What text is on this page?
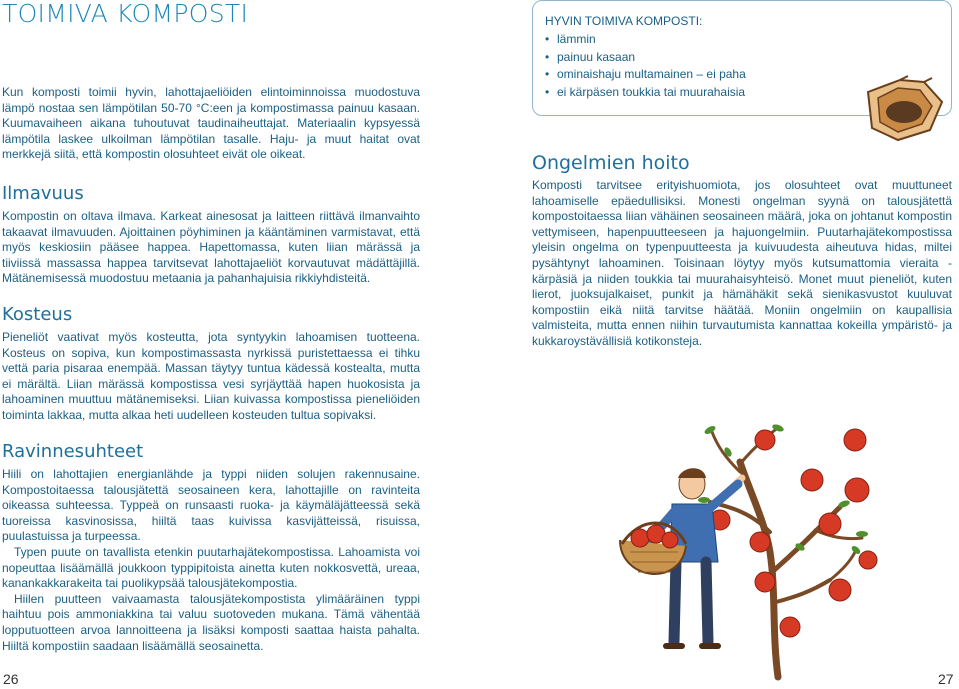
TOIMIVA KOMPOSTI

Kun komposti toimii hyvin, lahottajaeliöiden elintoiminnoissa muodostuva lämpö nostaa sen lämpötilan 50-70 °C:een ja kompostimassa painuu kasaan. Kuumavaiheen aikana tuhoutuvat taudinaiheuttajat. Materiaalin kypsyessä lämpötila laskee ulkoilman lämpötilan tasalle. Haju- ja muut haitat ovat merkkejä siitä, että kompostin olosuhteet eivät ole oikeat.

Ilmavuus

Kompostin on oltava ilmava. Karkeat ainesosat ja laitteen riittävä ilmanvaihto takaavat ilmavuuden. Ajoittainen pöyhiminen ja kääntäminen varmistavat, että myös keskiosiin pääsee happea. Hapettomassa, kuten liian märässä ja tiiviissä massassa happea tarvitsevat lahottajaeliöt korvautuvat mädättäjillä. Mätänemisessä muodostuu metaania ja pahanhajuisia rikkiyhdisteitä.

Kosteus

Pieneliöt vaativat myös kosteutta, jota syntyykin lahoamisen tuotteena. Kosteus on sopiva, kun kompostimassasta nyrkissä puristettaessa ei tihku vettä paria pisaraa enempää. Massan täytyy tuntua kädessä kostealta, mutta ei märältä. Liian märässä kompostissa vesi syrjäyttää hapen huokosista ja lahoaminen muuttuu mätänemiseksi. Liian kuivassa kompostissa pieneliöiden toiminta lakkaa, mutta alkaa heti uudelleen kosteuden tultua sopivaksi.

Ravinnesuhteet

Hiili on lahottajien energianlähde ja typpi niiden solujen rakennusaine. Kompostoitaessa talousjätettä seosaineen kera, lahottajille on ravinteita oikeassa suhteessa. Typpeä on runsaasti ruoka- ja käymäläjätteessä sekä tuoreissa kasvinosissa, hiiltä taas kuivissa kasvijätteissä, risuissa, puulastuissa ja turpeessa.

Typen puute on tavallista etenkin puutarhajätekompostissa. Lahoamista voi nopeuttaa lisäämällä joukkoon typpipitoista ainetta kuten nokkosvettä, ureaa, kanankakkarakeita tai puolikypsää talousjätekompostia.

Hiilen puutteen vaivaamasta talousjätekompostista ylimääräinen typpi haihtuu pois ammoniakkina tai valuu suotoveden mukana. Tämä vähentää lopputuotteen arvoa lannoitteena ja lisäksi komposti saattaa haista pahalta. Hiiltä kompostiin saadaan lisäämällä seosainetta.

26
HYVIN TOIMIVA KOMPOSTI:
• lämmin
• painuu kasaan
• ominaishaju multamainen – ei paha
• ei kärpäsen toukkia tai muurahaisia
Ongelmien hoito

Komposti tarvitsee erityishuomiota, jos olosuhteet ovat muuttuneet lahoamiselle epäedullisiksi. Monesti ongelman syynä on talousjätettä kompostoitaessa liian vähäinen seosaineen määrä, joka on johtanut kompostin vettymiseen, hapenpuutteeseen ja hajuongelmiin. Puutarhajätekompostissa yleisin ongelma on typenpuutteesta ja kuivuudesta aiheutuva hidas, miltei pysähtynyt lahoaminen. Toisinaan löytyy myös kutsumattomia vieraita - kärpäsiä ja niiden toukkia tai muurahaisyhteisö. Monet muut pieneliöt, kuten lierot, juoksujalkaiset, punkit ja hämähäkit sekä sienikasvustot kuuluvat kompostiin eikä niitä tarvitse häätää. Moniin ongelmiin on kaupallisia valmisteita, mutta ennen niihin turvautumista kannattaa kokeilla ympäristö- ja kukkaroystävällisiä kotikonsteja.

27
